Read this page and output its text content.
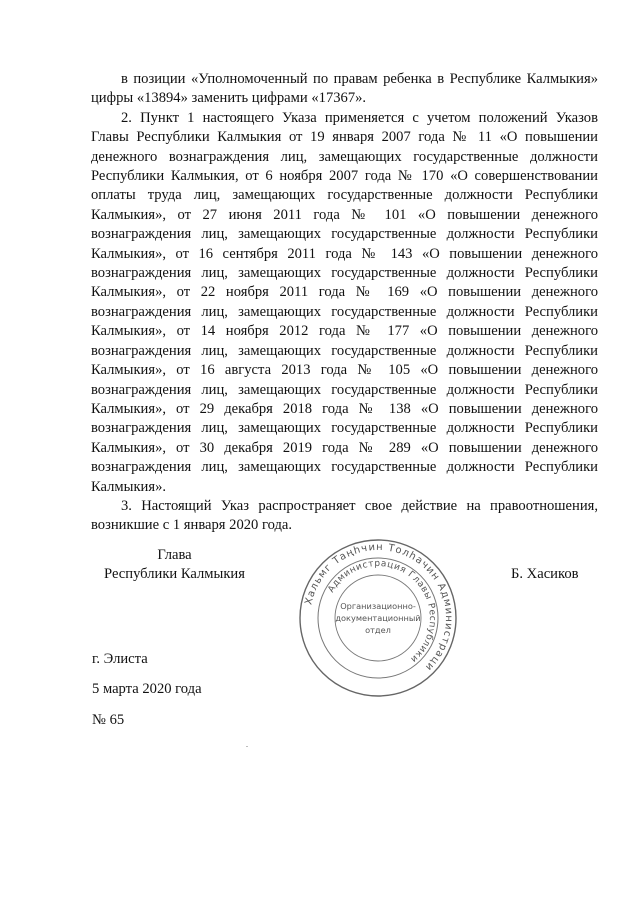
в позиции «Уполномоченный по правам ребенка в Республике Калмыкия» цифры «13894» заменить цифрами «17367».

2. Пункт 1 настоящего Указа применяется с учетом положений Указов Главы Республики Калмыкия от 19 января 2007 года № 11 «О повышении денежного вознаграждения лиц, замещающих государственные должности Республики Калмыкия, от 6 ноября 2007 года № 170 «О совершенствовании оплаты труда лиц, замещающих государственные должности Республики Калмыкия», от 27 июня 2011 года № 101 «О повышении денежного вознаграждения лиц, замещающих государственные должности Республики Калмыкия», от 16 сентября 2011 года № 143 «О повышении денежного вознаграждения лиц, замещающих государственные должности Республики Калмыкия», от 22 ноября 2011 года № 169 «О повышении денежного вознаграждения лиц, замещающих государственные должности Республики Калмыкия», от 14 ноября 2012 года № 177 «О повышении денежного вознаграждения лиц, замещающих государственные должности Республики Калмыкия», от 16 августа 2013 года № 105 «О повышении денежного вознаграждения лиц, замещающих государственные должности Республики Калмыкия», от 29 декабря 2018 года № 138 «О повышении денежного вознаграждения лиц, замещающих государственные должности Республики Калмыкия», от 30 декабря 2019 года № 289 «О повышении денежного вознаграждения лиц, замещающих государственные должности Республики Калмыкия».

3. Настоящий Указ распространяет свое действие на правоотношения, возникшие с 1 января 2020 года.

Глава
Республики Калмыкия
Хальмг Таңһчин Толһачин Администраци
Администрация Главы Республики
Организационно-
документационный
отдел
Б. Хасиков
г. Элиста
5 марта 2020 года
№ 65
